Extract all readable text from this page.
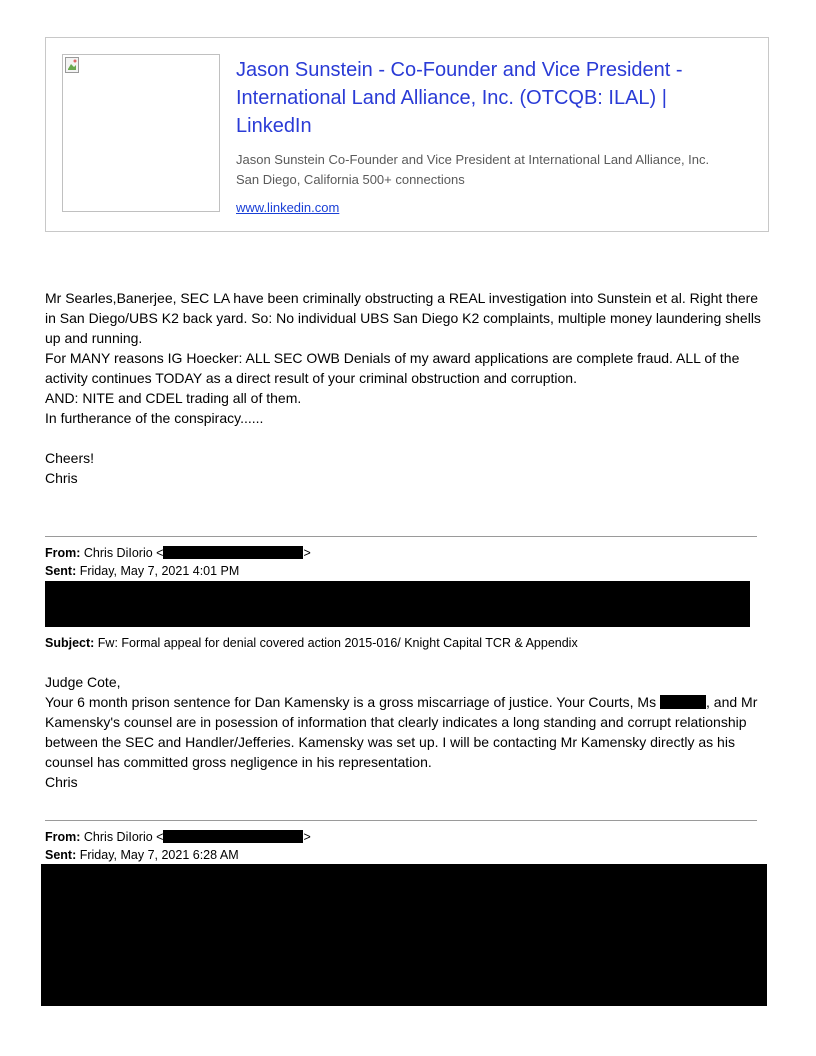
Jason Sunstein - Co-Founder and Vice President - International Land Alliance, Inc. (OTCQB: ILAL) | LinkedIn
Jason Sunstein Co-Founder and Vice President at International Land Alliance, Inc. San Diego, California 500+ connections
www.linkedin.com
Mr Searles,Banerjee, SEC LA have been criminally obstructing a REAL investigation into Sunstein et al. Right there in San Diego/UBS K2 back yard. So: No individual UBS San Diego K2 complaints, multiple money laundering shells up and running.
For MANY reasons IG Hoecker: ALL SEC OWB Denials of my award applications are complete fraud. ALL of the activity continues TODAY as a direct result of your criminal obstruction and corruption.
AND: NITE and CDEL trading all of them.
In furtherance of the conspiracy......
Cheers!
Chris
From: Chris DiIorio <	>
Sent: Friday, May 7, 2021 4:01 PM
Subject: Fw: Formal appeal for denial covered action 2015-016/ Knight Capital TCR & Appendix
Judge Cote,
Your 6 month prison sentence for Dan Kamensky is a gross miscarriage of justice. Your Courts, Ms	, and Mr Kamensky's counsel are in posession of information that clearly indicates a long standing and corrupt relationship between the SEC and Handler/Jefferies. Kamensky was set up. I will be contacting Mr Kamensky directly as his counsel has committed gross negligence in his representation.
Chris
From: Chris DiIorio <	>
Sent: Friday, May 7, 2021 6:28 AM
